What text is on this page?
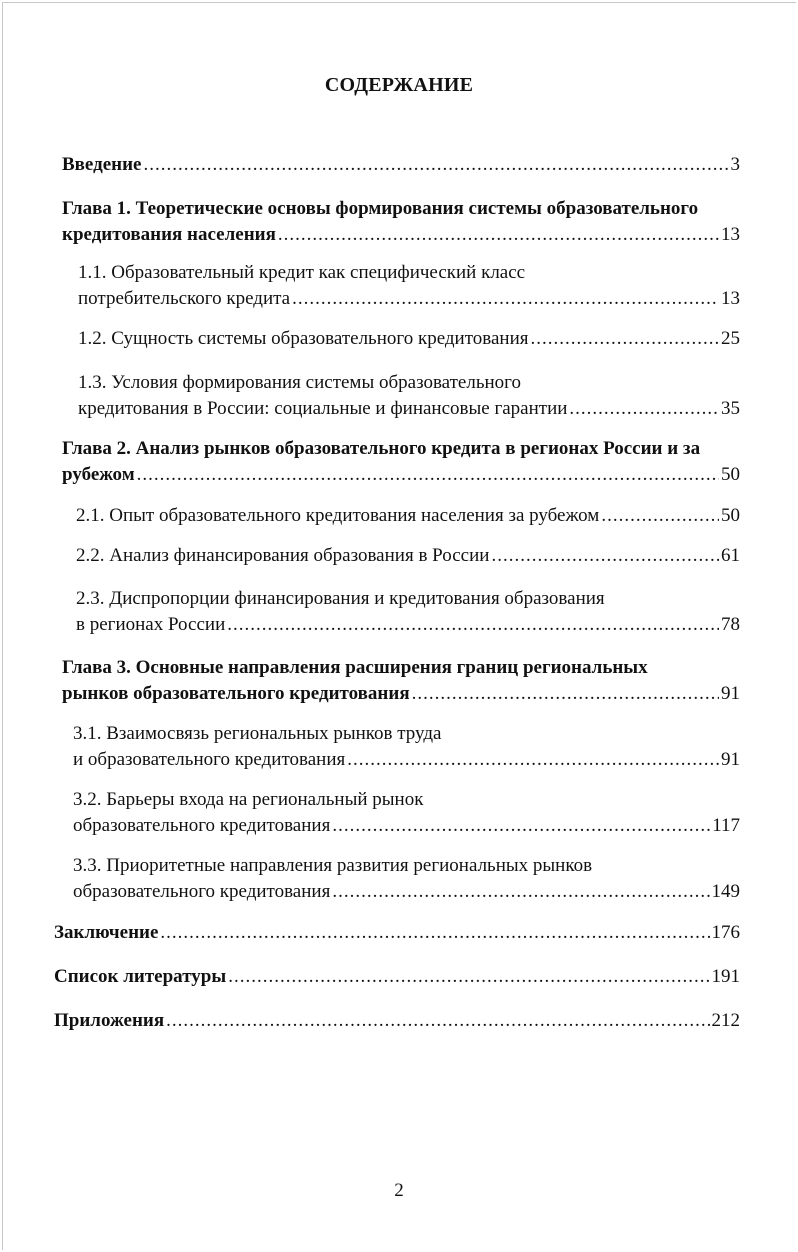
СОДЕРЖАНИЕ
Введение .....	3
Глава 1. Теоретические основы формирования системы образовательного
кредитования населения .....	13
1.1. Образовательный кредит как специфический класс
потребительского кредита .....	13
1.2. Сущность системы образовательного кредитования .....	25
1.3. Условия формирования системы образовательного
кредитования в России: социальные и финансовые гарантии .....	35
Глава 2. Анализ рынков образовательного кредита в регионах России и за
рубежом .....	50
2.1. Опыт образовательного кредитования населения за рубежом .....	50
2.2. Анализ финансирования образования в России .....	61
2.3. Диспропорции финансирования и кредитования образования
в регионах России .....	78
Глава 3. Основные направления расширения границ региональных
рынков образовательного кредитования .....	91
3.1. Взаимосвязь региональных рынков труда
и образовательного кредитования .....	91
3.2. Барьеры входа на региональный рынок
образовательного кредитования .....	117
3.3. Приоритетные направления развития региональных рынков
образовательного кредитования .....	149
Заключение .....	176
Список литературы .....	191
Приложения .....	212
2
